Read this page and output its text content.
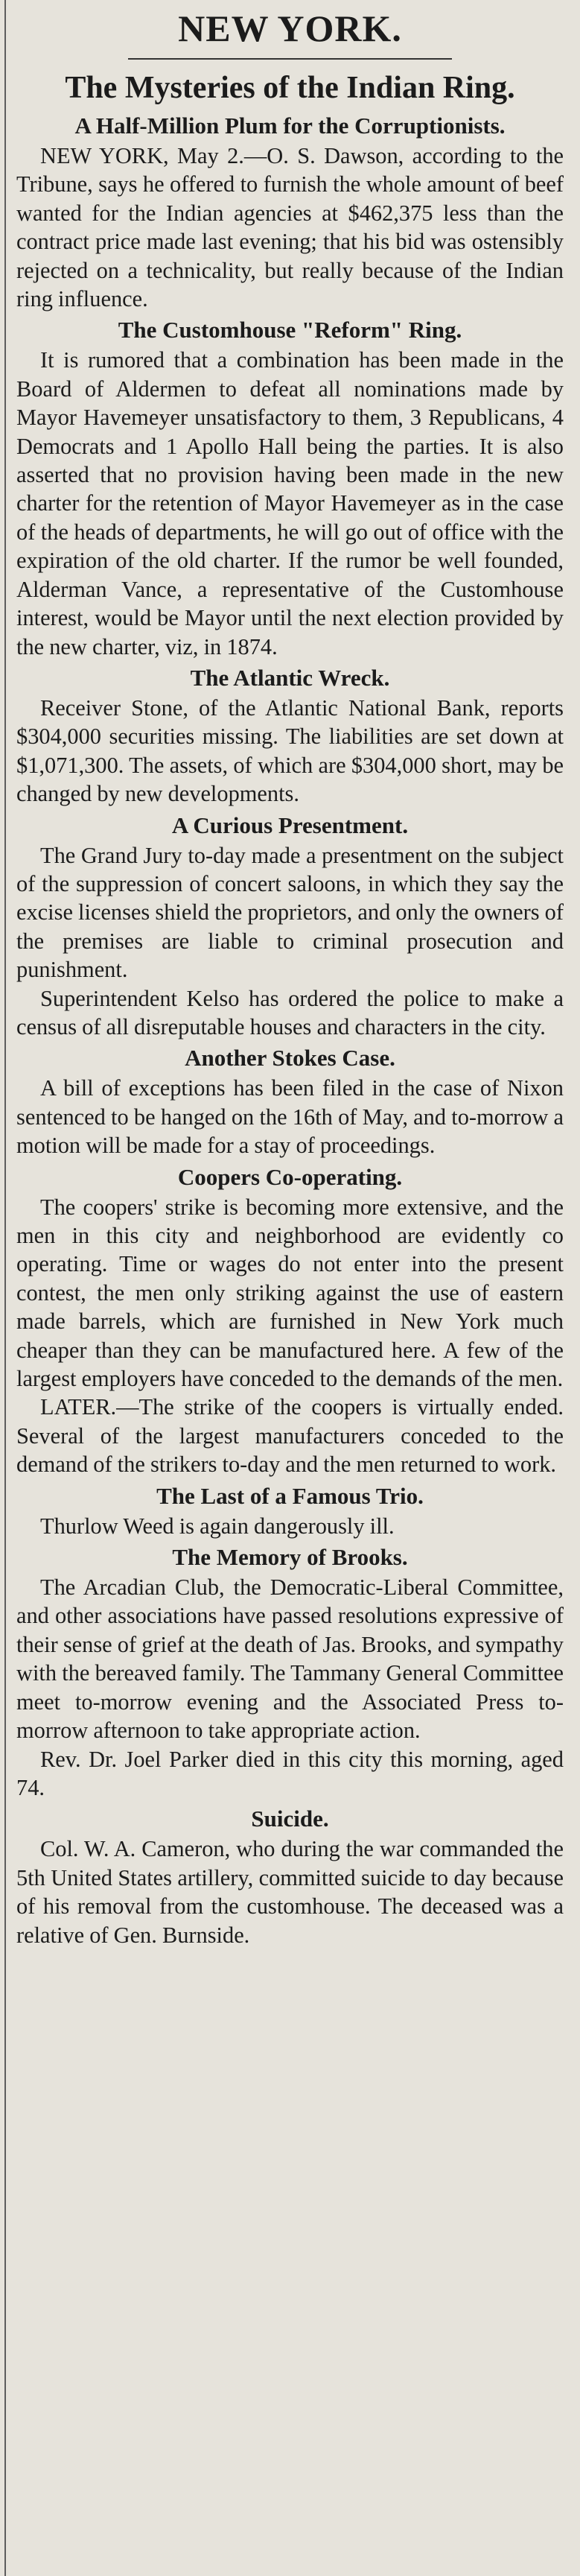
NEW YORK.
The Mysteries of the Indian Ring.
A Half-Million Plum for the Corruptionists.

NEW YORK, May 2.—O. S. Dawson, according to the Tribune, says he offered to furnish the whole amount of beef wanted for the Indian agencies at $462,375 less than the contract price made last evening; that his bid was ostensibly rejected on a technicality, but really because of the Indian ring influence.

The Customhouse "Reform" Ring.

It is rumored that a combination has been made in the Board of Aldermen to defeat all nominations made by Mayor Havemeyer unsatisfactory to them, 3 Republicans, 4 Democrats and 1 Apollo Hall being the parties. It is also asserted that no provision having been made in the new charter for the retention of Mayor Havemeyer as in the case of the heads of departments, he will go out of office with the expiration of the old charter. If the rumor be well founded, Alderman Vance, a representative of the Customhouse interest, would be Mayor until the next election provided by the new charter, viz, in 1874.

The Atlantic Wreck.

Receiver Stone, of the Atlantic National Bank, reports $304,000 securities missing. The liabilities are set down at $1,071,300. The assets, of which are $304,000 short, may be changed by new developments.

A Curious Presentment.

The Grand Jury to-day made a presentment on the subject of the suppression of concert saloons, in which they say the excise licenses shield the proprietors, and only the owners of the premises are liable to criminal prosecution and punishment.

Superintendent Kelso has ordered the police to make a census of all disreputable houses and characters in the city.

Another Stokes Case.

A bill of exceptions has been filed in the case of Nixon sentenced to be hanged on the 16th of May, and to-morrow a motion will be made for a stay of proceedings.

Coopers Co-operating.

The coopers' strike is becoming more extensive, and the men in this city and neighborhood are evidently co operating. Time or wages do not enter into the present contest, the men only striking against the use of eastern made barrels, which are furnished in New York much cheaper than they can be manufactured here. A few of the largest employers have conceded to the demands of the men.

LATER.—The strike of the coopers is virtually ended. Several of the largest manufacturers conceded to the demand of the strikers to-day and the men returned to work.

The Last of a Famous Trio.

Thurlow Weed is again dangerously ill.

The Memory of Brooks.

The Arcadian Club, the Democratic-Liberal Committee, and other associations have passed resolutions expressive of their sense of grief at the death of Jas. Brooks, and sympathy with the bereaved family. The Tammany General Committee meet to-morrow evening and the Associated Press to-morrow afternoon to take appropriate action.

Rev. Dr. Joel Parker died in this city this morning, aged 74.

Suicide.

Col. W. A. Cameron, who during the war commanded the 5th United States artillery, committed suicide to day because of his removal from the customhouse. The deceased was a relative of Gen. Burnside.
